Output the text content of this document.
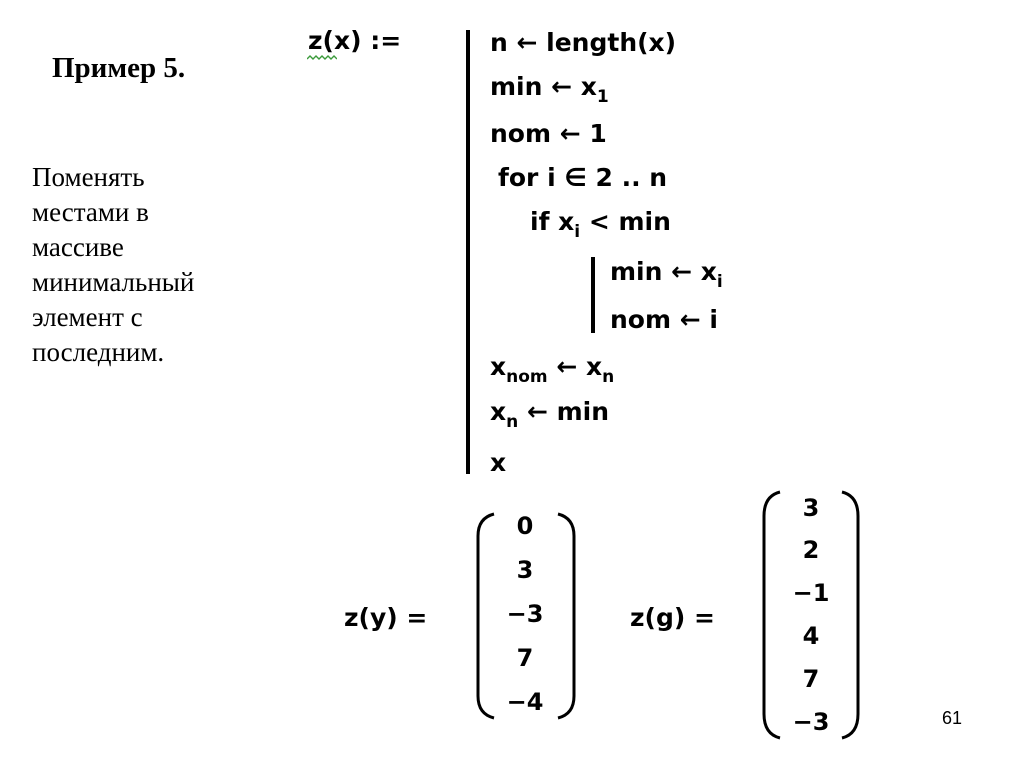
Пример 5.
Поменять
местами в
массиве
минимальный
элемент с
последним.
z(x) :=	n ← length(x)
min ← $x_1$
nom ← 1
for i ∈ 2 .. n
if $x_i < \min$
min ← $x_i$
nom ← i
$x_{nom}$ ← $x_n$
$x_n$ ← min
x
z(y) =
0
3
−3
7
−4
z(g) =
3
2
−1
4
7
−3	61
